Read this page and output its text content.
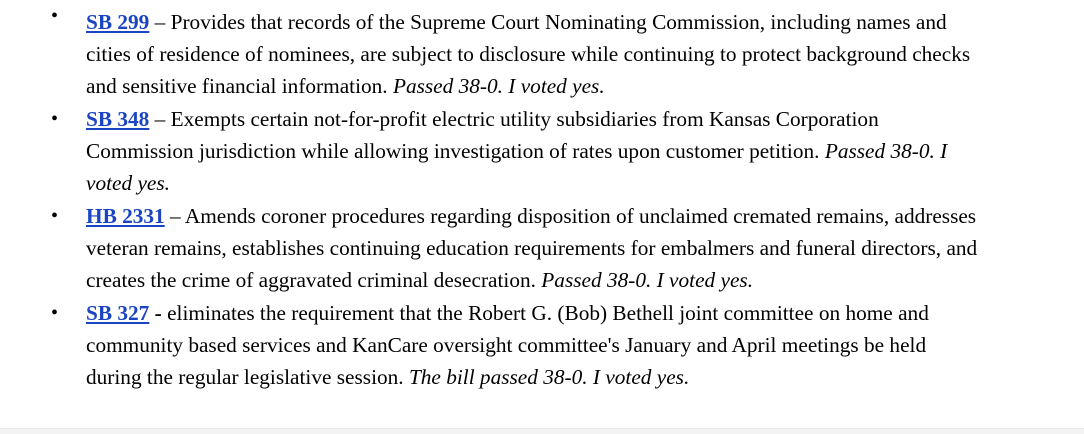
• SB 299 – Provides that records of the Supreme Court Nominating Commission, including names and cities of residence of nominees, are subject to disclosure while continuing to protect background checks and sensitive financial information. Passed 38-0. I voted yes.
• SB 348 – Exempts certain not-for-profit electric utility subsidiaries from Kansas Corporation Commission jurisdiction while allowing investigation of rates upon customer petition. Passed 38-0. I voted yes.
• HB 2331 – Amends coroner procedures regarding disposition of unclaimed cremated remains, addresses veteran remains, establishes continuing education requirements for embalmers and funeral directors, and creates the crime of aggravated criminal desecration. Passed 38-0. I voted yes.
• SB 327 - eliminates the requirement that the Robert G. (Bob) Bethell joint committee on home and community based services and KanCare oversight committee's January and April meetings be held during the regular legislative session. The bill passed 38-0. I voted yes.
